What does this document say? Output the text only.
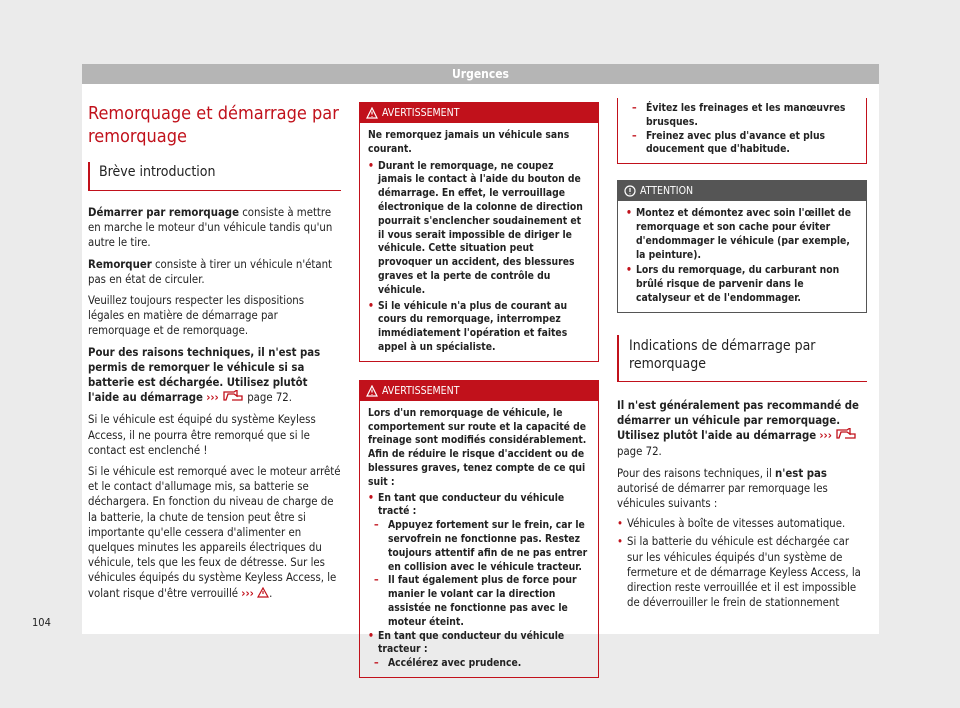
Urgences
Remorquage et démarrage par remorquage
Brève introduction

Démarrer par remorquage consiste à mettre en marche le moteur d'un véhicule tandis qu'un autre le tire.

Remorquer consiste à tirer un véhicule n'étant pas en état de circuler.

Veuillez toujours respecter les dispositions légales en matière de démarrage par remorquage et de remorquage.

Pour des raisons techniques, il n'est pas permis de remorquer le véhicule si sa batterie est déchargée. Utilisez plutôt l'aide au démarrage ›››  page 72.

Si le véhicule est équipé du système Keyless Access, il ne pourra être remorqué que si le contact est enclenché !

Si le véhicule est remorqué avec le moteur arrêté et le contact d'allumage mis, sa batterie se déchargera. En fonction du niveau de charge de la batterie, la chute de tension peut être si importante qu'elle cessera d'alimenter en quelques minutes les appareils électriques du véhicule, tels que les feux de détresse. Sur les véhicules équipés du système Keyless Access, le volant risque d'être verrouillé ››› .

AVERTISSEMENT
Ne remorquez jamais un véhicule sans courant.
• Durant le remorquage, ne coupez jamais le contact à l'aide du bouton de démarrage. En effet, le verrouillage électronique de la colonne de direction pourrait s'enclencher soudainement et il vous serait impossible de diriger le véhicule. Cette situation peut provoquer un accident, des blessures graves et la perte de contrôle du véhicule.
• Si le véhicule n'a plus de courant au cours du remorquage, interrompez immédiatement l'opération et faites appel à un spécialiste.
AVERTISSEMENT
Lors d'un remorquage de véhicule, le comportement sur route et la capacité de freinage sont modifiés considérablement. Afin de réduire le risque d'accident ou de blessures graves, tenez compte de ce qui suit :
• En tant que conducteur du véhicule tracté :
– Appuyez fortement sur le frein, car le servofrein ne fonctionne pas. Restez toujours attentif afin de ne pas entrer en collision avec le véhicule tracteur.
– Il faut également plus de force pour manier le volant car la direction assistée ne fonctionne pas avec le moteur éteint.
• En tant que conducteur du véhicule tracteur :
– Accélérez avec prudence.
– Évitez les freinages et les manœuvres brusques.
– Freinez avec plus d'avance et plus doucement que d'habitude.
ATTENTION
• Montez et démontez avec soin l'œillet de remorquage et son cache pour éviter d'endommager le véhicule (par exemple, la peinture).
• Lors du remorquage, du carburant non brûlé risque de parvenir dans le catalyseur et de l'endommager.
Indications de démarrage par remorquage

Il n'est généralement pas recommandé de démarrer un véhicule par remorquage. Utilisez plutôt l'aide au démarrage ›››  page 72.

Pour des raisons techniques, il n'est pas autorisé de démarrer par remorquage les véhicules suivants :

• Véhicules à boîte de vitesses automatique.

• Si la batterie du véhicule est déchargée car sur les véhicules équipés d'un système de fermeture et de démarrage Keyless Access, la direction reste verrouillée et il est impossible de déverrouiller le frein de stationnement

104
